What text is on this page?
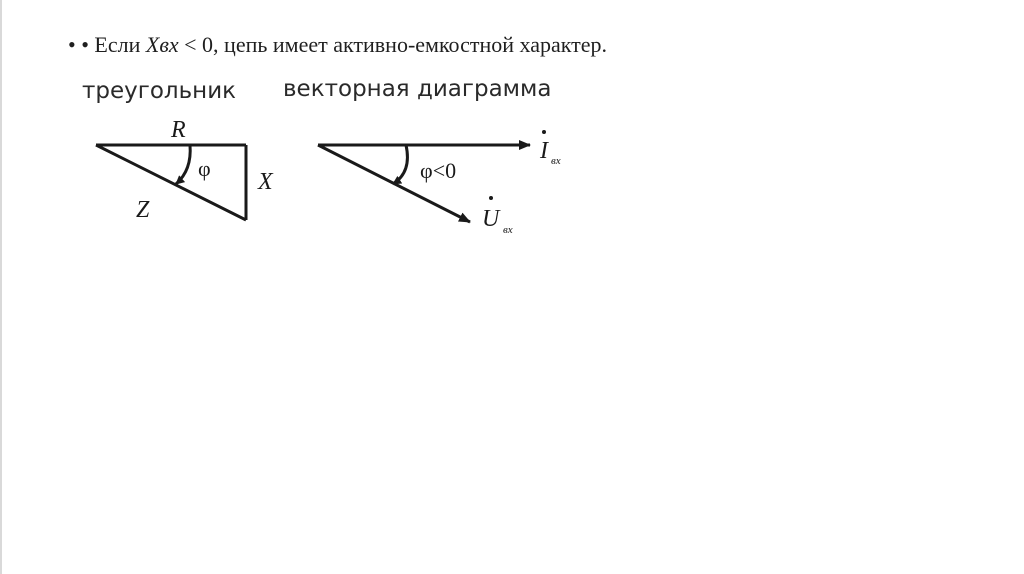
• • Если Xвх < 0, цепь имеет активно-емкостной характер.
треугольник векторная диаграмма
R
X
Z
φ	φ<0
I вх
U вх
